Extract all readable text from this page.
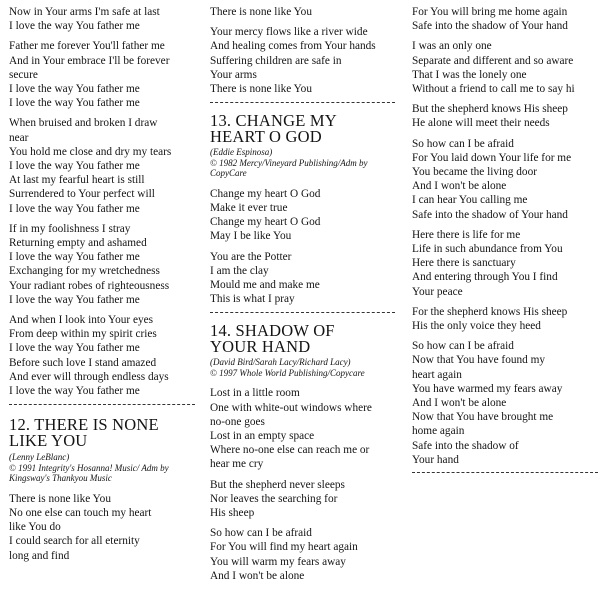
Now in Your arms I'm safe at last
I love the way You father me
Father me forever You'll father me
And in Your embrace I'll be forever
secure
I love the way You father me
I love the way You father me
When bruised and broken I draw
near
You hold me close and dry my tears
I love the way You father me
At last my fearful heart is still
Surrendered to Your perfect will
I love the way You father me
If in my foolishness I stray
Returning empty and ashamed
I love the way You father me
Exchanging for my wretchedness
Your radiant robes of righteousness
I love the way You father me
And when I look into Your eyes
From deep within my spirit cries
I love the way You father me
Before such love I stand amazed
And ever will through endless days
I love the way You father me
12. THERE IS NONE
LIKE YOU
(Lenny LeBlanc)
© 1991 Integrity's Hosanna! Music/ Adm by
Kingsway's Thankyou Music
There is none like You
No one else can touch my heart
like You do
I could search for all eternity
long and find
There is none like You
Your mercy flows like a river wide
And healing comes from Your hands
Suffering children are safe in
Your arms
There is none like You
13. CHANGE MY
HEART O GOD
(Eddie Espinosa)
© 1982 Mercy/Vineyard Publishing/Adm by CopyCare
Change my heart O God
Make it ever true
Change my heart O God
May I be like You
You are the Potter
I am the clay
Mould me and make me
This is what I pray
14. SHADOW OF
YOUR HAND
(David Bird/Sarah Lacy/Richard Lacy)
© 1997 Whole World Publishing/Copycare
Lost in a little room
One with white-out windows where
no-one goes
Lost in an empty space
Where no-one else can reach me or
hear me cry
But the shepherd never sleeps
Nor leaves the searching for
His sheep
So how can I be afraid
For You will find my heart again
You will warm my fears away
And I won't be alone
For You will bring me home again
Safe into the shadow of Your hand
I was an only one
Separate and different and so aware
That I was the lonely one
Without a friend to call me to say hi
But the shepherd knows His sheep
He alone will meet their needs
So how can I be afraid
For You laid down Your life for me
You became the living door
And I won't be alone
I can hear You calling me
Safe into the shadow of Your hand
Here there is life for me
Life in such abundance from You
Here there is sanctuary
And entering through You I find
Your peace
For the shepherd knows His sheep
His the only voice they heed
So how can I be afraid
Now that You have found my
heart again
You have warmed my fears away
And I won't be alone
Now that You have brought me
home again
Safe into the shadow of
Your hand
